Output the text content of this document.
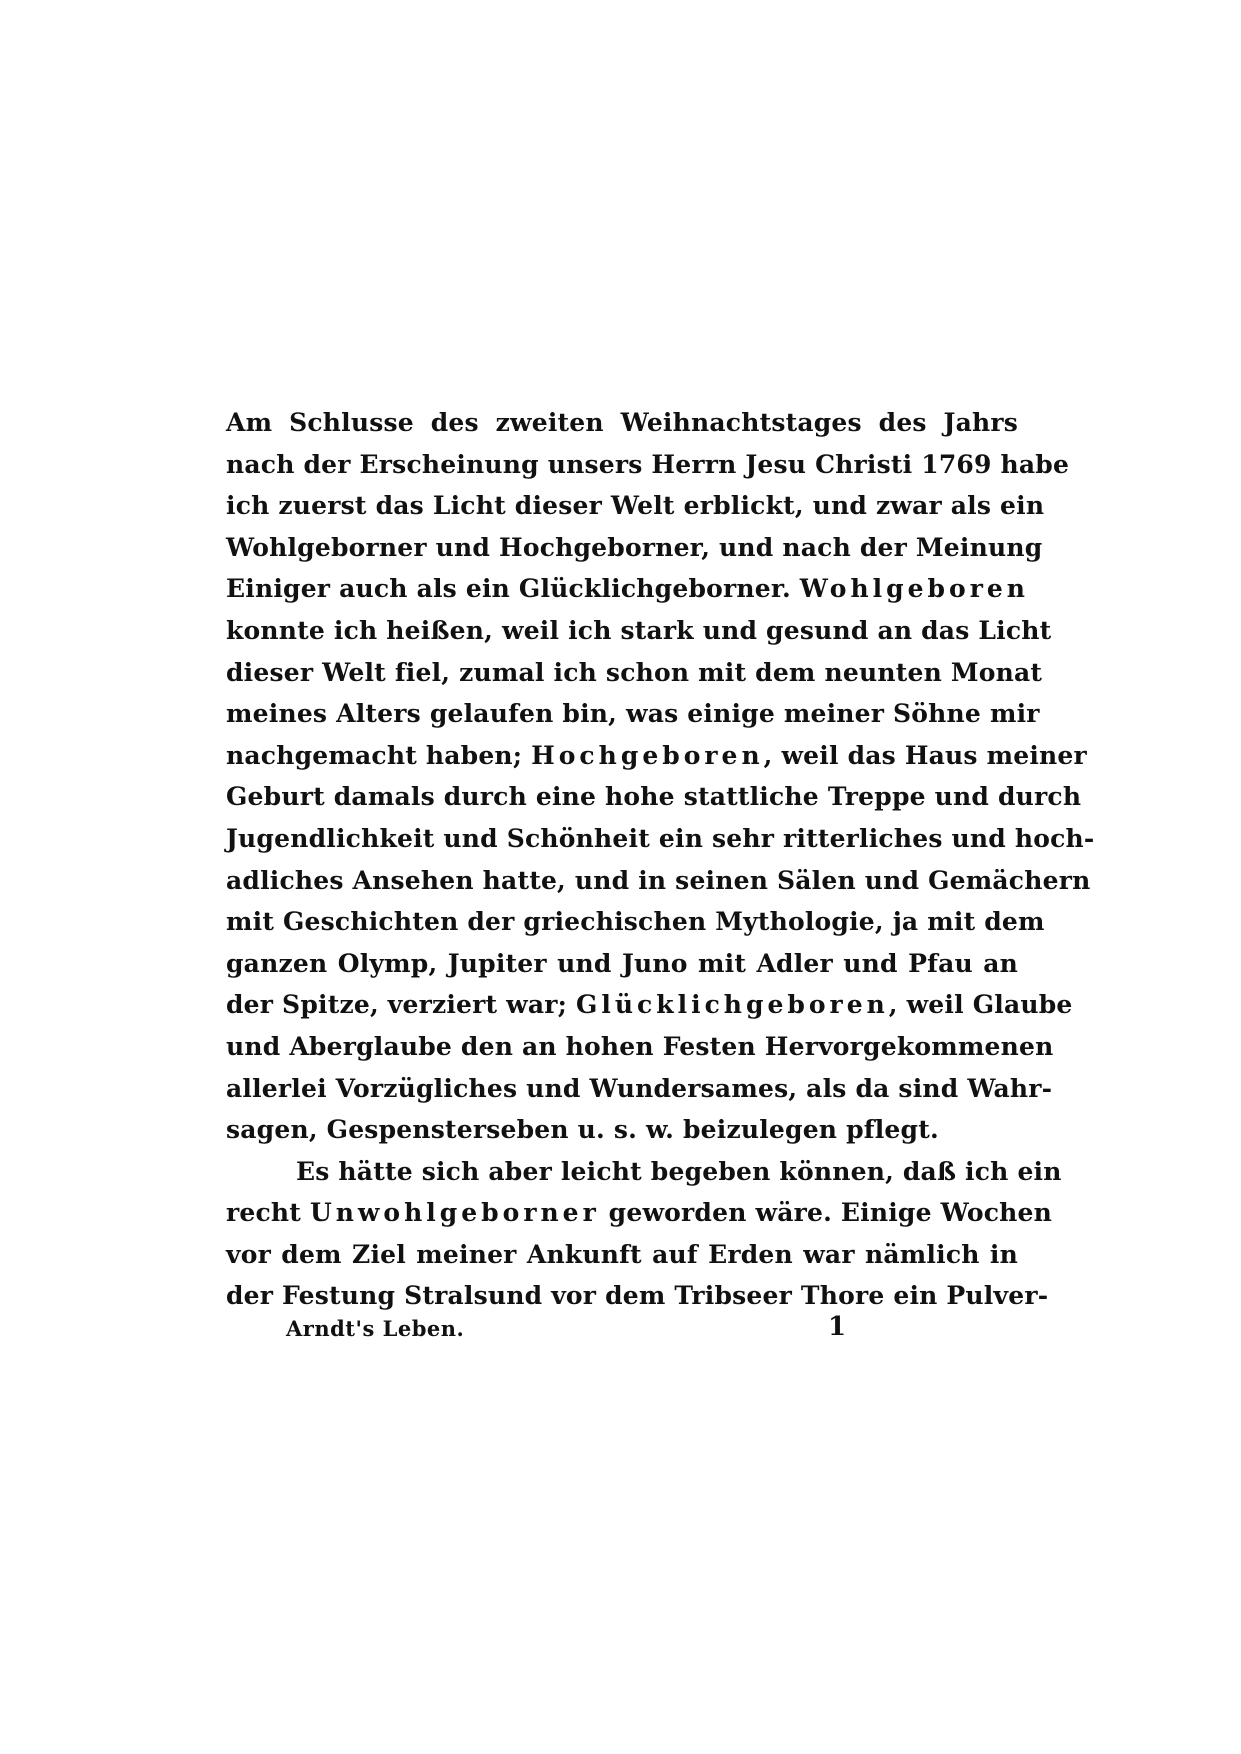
Am Schlusse des zweiten Weihnachtstages des Jahrs
nach der Erscheinung unsers Herrn Jesu Christi 1769 habe
ich zuerst das Licht dieser Welt erblickt, und zwar als ein
Wohlgeborner und Hochgeborner, und nach der Meinung
Einiger auch als ein Glücklichgeborner. Wohlgeboren
konnte ich heißen, weil ich stark und gesund an das Licht
dieser Welt fiel, zumal ich schon mit dem neunten Monat
meines Alters gelaufen bin, was einige meiner Söhne mir
nachgemacht haben; Hochgeboren, weil das Haus meiner
Geburt damals durch eine hohe stattliche Treppe und durch
Jugendlichkeit und Schönheit ein sehr ritterliches und hoch-
adliches Ansehen hatte, und in seinen Sälen und Gemächern
mit Geschichten der griechischen Mythologie, ja mit dem
ganzen Olymp, Jupiter und Juno mit Adler und Pfau an
der Spitze, verziert war; Glücklichgeboren, weil Glaube
und Aberglaube den an hohen Festen Hervorgekommenen
allerlei Vorzügliches und Wundersames, als da sind Wahr-
sagen, Gespensterseben u. s. w. beizulegen pflegt.
Es hätte sich aber leicht begeben können, daß ich ein
recht Unwohlgeborner geworden wäre. Einige Wochen
vor dem Ziel meiner Ankunft auf Erden war nämlich in
der Festung Stralsund vor dem Tribseer Thore ein Pulver-
Arndt's Leben.	1
